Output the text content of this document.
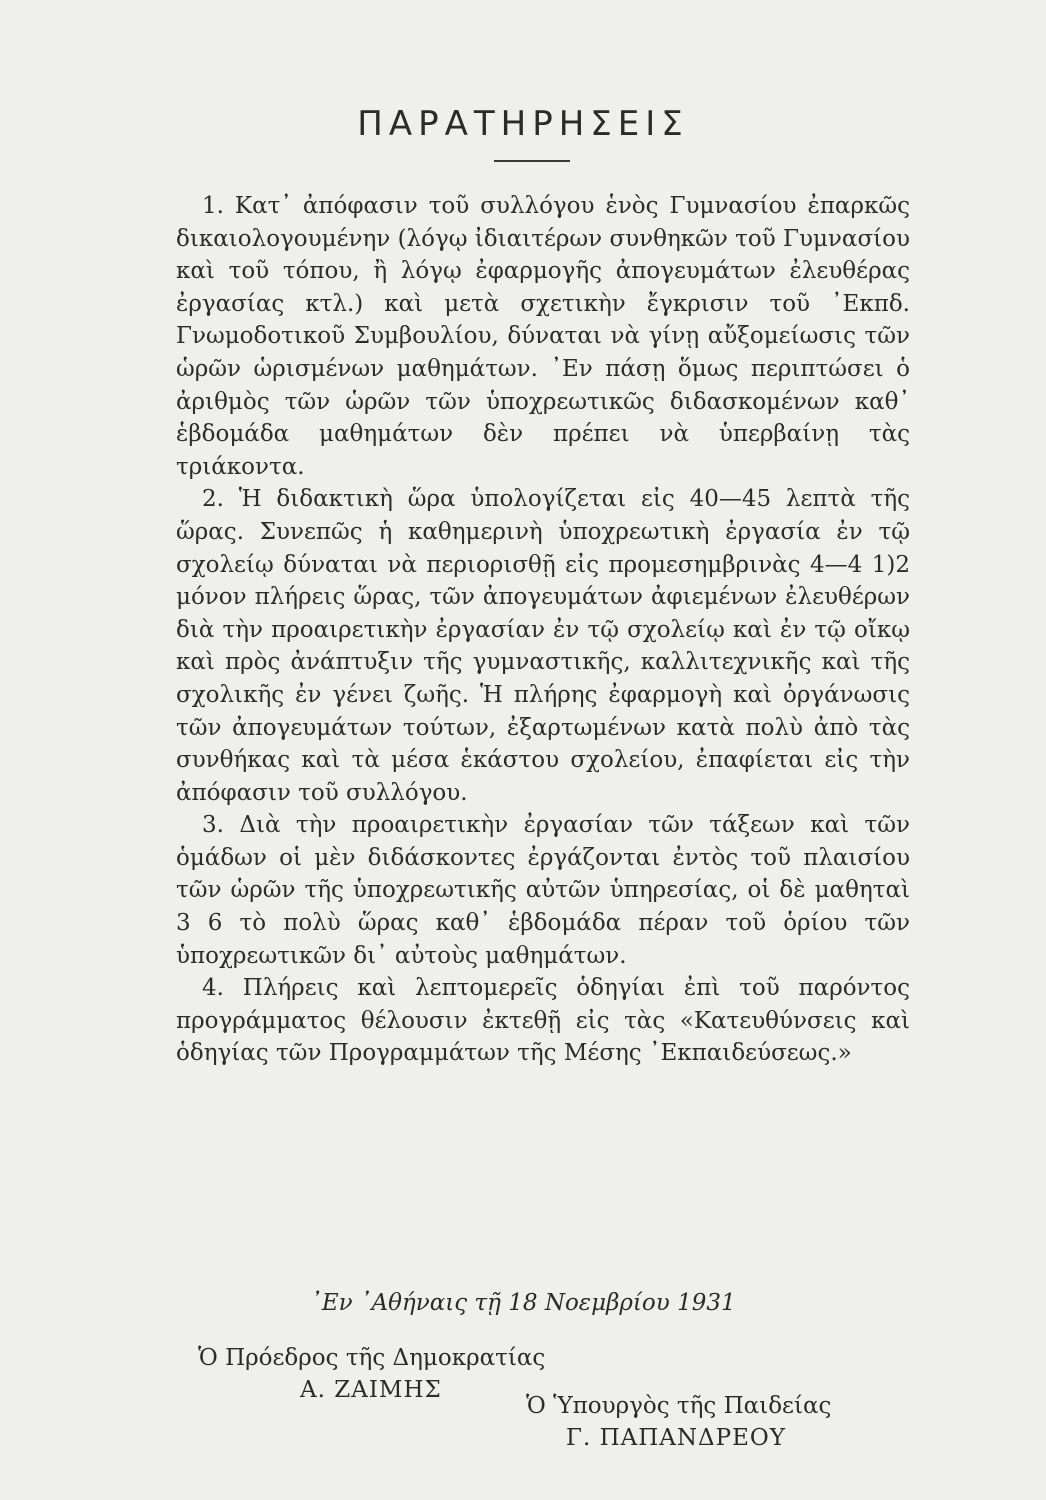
ΠΑΡΑΤΗΡΗΣΕΙΣ

1. Κατ᾿ ἀπόφασιν τοῦ συλλόγου ἑνὸς Γυμνασίου ἐπαρκῶς δικαιολογουμένην (λόγῳ ἰδιαιτέρων συνθηκῶν τοῦ Γυμνασίου καὶ τοῦ τόπου, ἢ λόγῳ ἐφαρμογῆς ἀπογευμάτων ἐλευθέρας ἐργασίας κτλ.) καὶ μετὰ σχετικὴν ἔγκρισιν τοῦ ᾿Εκπδ. Γνωμοδοτικοῦ Συμβουλίου, δύναται νὰ γίνῃ αὔξομείωσις τῶν ὡρῶν ὡρισμένων μαθημάτων. ᾿Εν πάσῃ ὅμως περιπτώσει ὁ ἀριθμὸς τῶν ὡρῶν τῶν ὑποχρεωτικῶς διδασκομένων καθ᾿ ἑβδομάδα μαθημάτων δὲν πρέπει νὰ ὑπερβαίνῃ τὰς τριάκοντα.

2. Ἡ διδακτικὴ ὥρα ὑπολογίζεται εἰς 40—45 λεπτὰ τῆς ὥρας. Συνεπῶς ἡ καθημερινὴ ὑποχρεωτικὴ ἐργασία ἐν τῷ σχολείῳ δύναται νὰ περιορισθῇ εἰς προμεσημβρινὰς 4—4 1)2 μόνον πλήρεις ὥρας, τῶν ἀπογευμάτων ἀφιεμένων ἐλευθέρων διὰ τὴν προαιρετικὴν ἐργασίαν ἐν τῷ σχολείῳ καὶ ἐν τῷ οἴκῳ καὶ πρὸς ἀνάπτυξιν τῆς γυμναστικῆς, καλλιτεχνικῆς καὶ τῆς σχολικῆς ἐν γένει ζωῆς. Ἡ πλήρης ἐφαρμογὴ καὶ ὀργάνωσις τῶν ἀπογευμάτων τούτων, ἐξαρτωμένων κατὰ πολὺ ἀπὸ τὰς συνθήκας καὶ τὰ μέσα ἑκάστου σχολείου, ἐπαφίεται εἰς τὴν ἀπόφασιν τοῦ συλλόγου.

3. Διὰ τὴν προαιρετικὴν ἐργασίαν τῶν τάξεων καὶ τῶν ὁμάδων οἱ μὲν διδάσκοντες ἐργάζονται ἐντὸς τοῦ πλαισίου τῶν ὡρῶν τῆς ὑποχρεωτικῆς αὐτῶν ὑπηρεσίας, οἱ δὲ μαθηταὶ 3 6 τὸ πολὺ ὥρας καθ᾿ ἑβδομάδα πέραν τοῦ ὁρίου τῶν ὑποχρεωτικῶν δι᾿ αὐτοὺς μαθημάτων.

4. Πλήρεις καὶ λεπτομερεῖς ὁδηγίαι ἐπὶ τοῦ παρόντος προγράμματος θέλουσιν ἐκτεθῇ εἰς τὰς «Κατευθύνσεις καὶ ὁδηγίας τῶν Προγραμμάτων τῆς Μέσης ᾿Εκπαιδεύσεως.»

᾿Εν ᾿Αθήναις τῇ 18 Νοεμβρίου 1931
Ὁ Πρόεδρος τῆς Δημοκρατίας
Α. ΖΑΙΜΗΣ
Ὁ Ὑπουργὸς τῆς Παιδείας
Γ. ΠΑΠΑΝΔΡΕΟΥ
